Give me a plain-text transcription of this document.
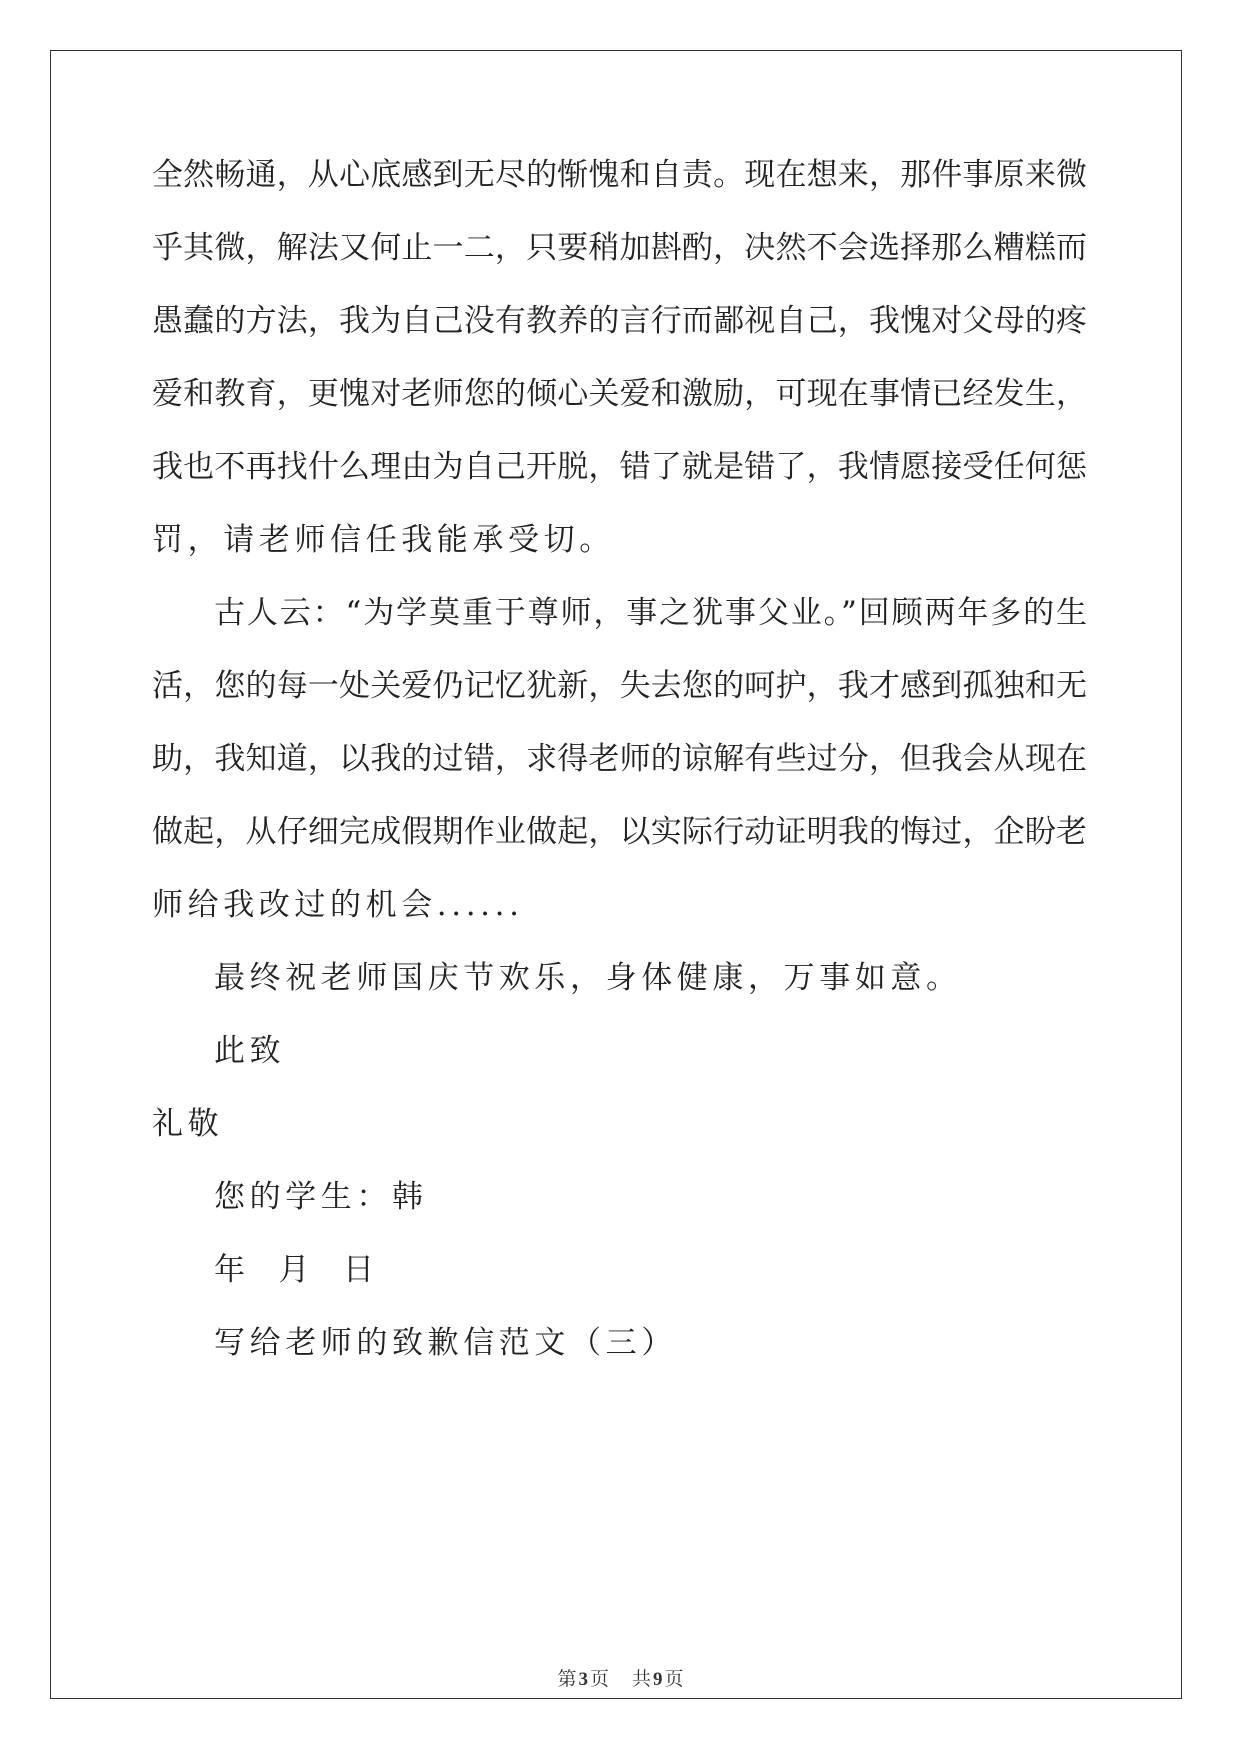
全然畅通，从心底感到无尽的惭愧和自责。现在想来，那件事原来微
乎其微，解法又何止一二，只要稍加斟酌，决然不会选择那么糟糕而
愚蠢的方法，我为自己没有教养的言行而鄙视自己，我愧对父母的疼
爱和教育，更愧对老师您的倾心关爱和激励，可现在事情已经发生，
我也不再找什么理由为自己开脱，错了就是错了，我情愿接受任何惩
罚，请老师信任我能承受切。
古人云：“为学莫重于尊师，事之犹事父业。”回顾两年多的生
活，您的每一处关爱仍记忆犹新，失去您的呵护，我才感到孤独和无
助，我知道，以我的过错，求得老师的谅解有些过分，但我会从现在
做起，从仔细完成假期作业做起，以实际行动证明我的悔过，企盼老
师给我改过的机会......
最终祝老师国庆节欢乐，身体健康，万事如意。
此致
礼敬
您的学生：韩
年  月  日
写给老师的致歉信范文（三）
第 3 页 共 9 页
